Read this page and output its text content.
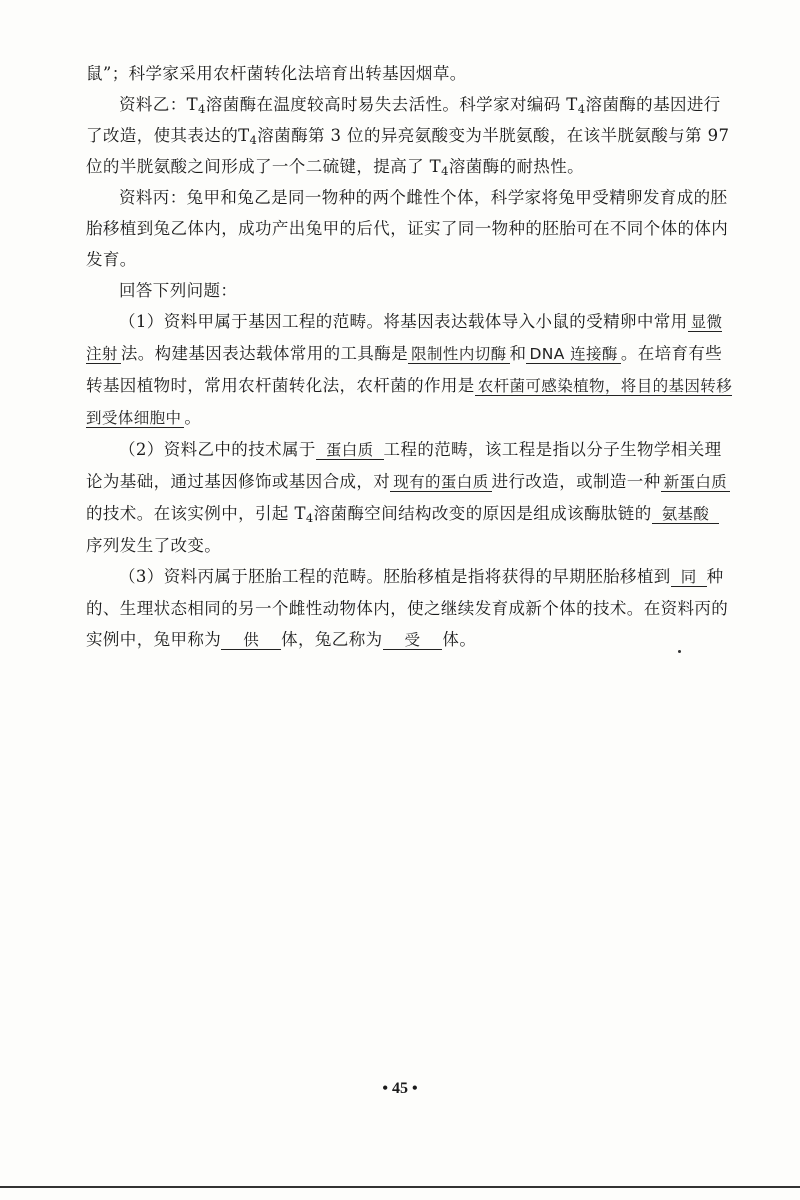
鼠”；科学家采用农杆菌转化法培育出转基因烟草。

资料乙：$T_4$溶菌酶在温度较高时易失去活性。科学家对编码 $T_4$溶菌酶的基因进行了改造，使其表达的$T_4$溶菌酶第 3 位的异亮氨酸变为半胱氨酸，在该半胱氨酸与第 97 位的半胱氨酸之间形成了一个二硫键，提高了 $T_4$溶菌酶的耐热性。

资料丙：兔甲和兔乙是同一物种的两个雌性个体，科学家将兔甲受精卵发育成的胚胎移植到兔乙体内，成功产出兔甲的后代，证实了同一物种的胚胎可在不同个体的体内发育。

回答下列问题：

（1）资料甲属于基因工程的范畴。将基因表达载体导入小鼠的受精卵中常用 显微注射 法。构建基因表达载体常用的工具酶是 限制性内切酶 和 DNA 连接酶 。在培育有些转基因植物时，常用农杆菌转化法，农杆菌的作用是 农杆菌可感染植物，将目的基因转移到受体细胞中 。

（2）资料乙中的技术属于 蛋白质 工程的范畴，该工程是指以分子生物学相关理论为基础，通过基因修饰或基因合成，对 现有的蛋白质 进行改造，或制造一种 新蛋白质的技术。在该实例中，引起 $T_4$溶菌酶空间结构改变的原因是组成该酶肽链的 氨基酸序列发生了改变。

（3）资料丙属于胚胎工程的范畴。胚胎移植是指将获得的早期胚胎移植到 同 种的、生理状态相同的另一个雌性动物体内，使之继续发育成新个体的技术。在资料丙的实例中，兔甲称为 供 体，兔乙称为 受 体。

• 45 •
